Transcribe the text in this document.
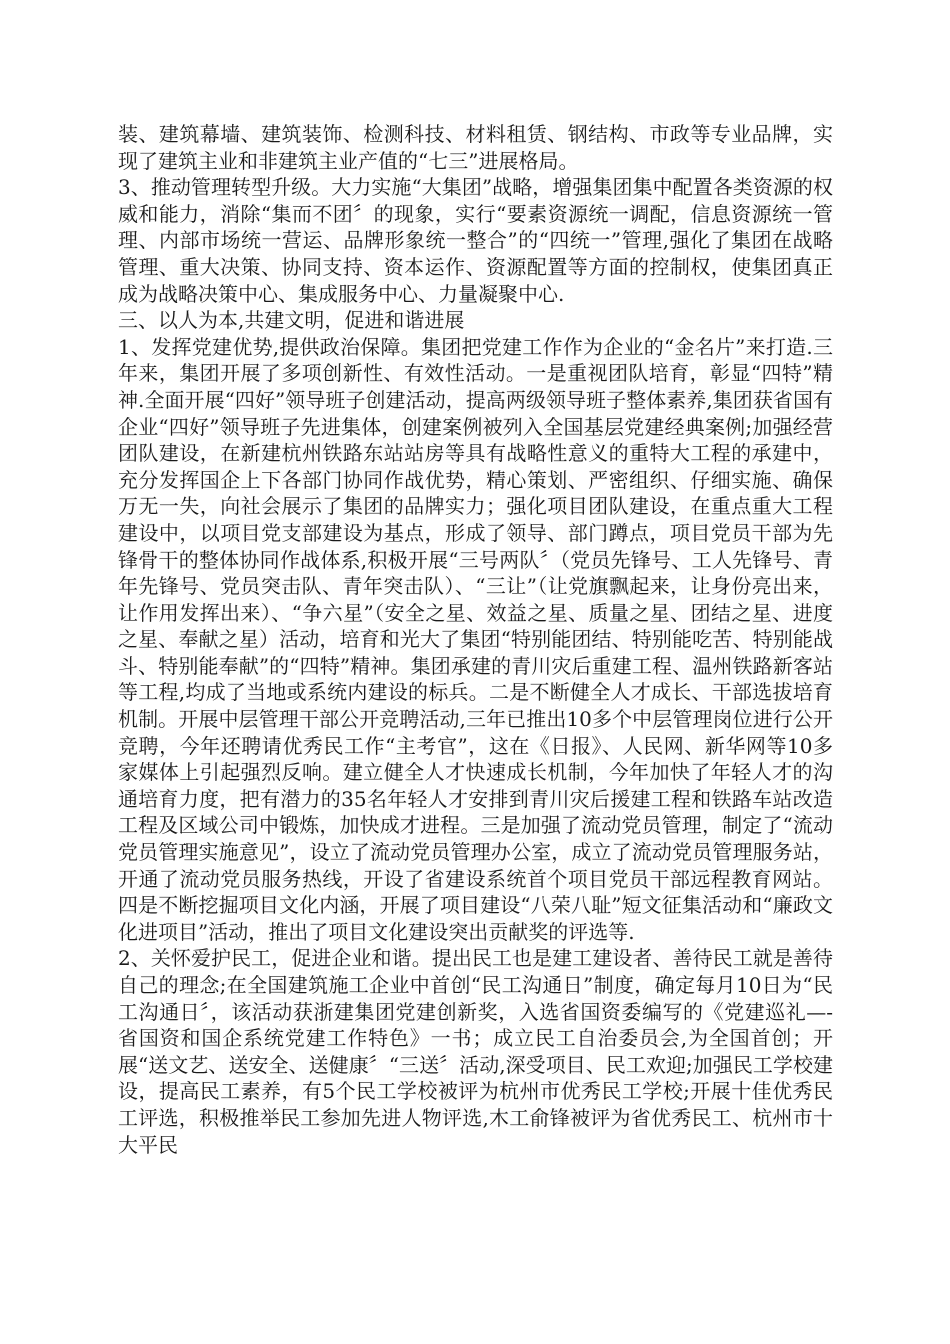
装、建筑幕墙、建筑装饰、检测科技、材料租赁、钢结构、市政等专业品牌，实现了建筑主业和非建筑主业产值的“七三”进展格局。

3、推动管理转型升级。大力实施“大集团”战略，增强集团集中配置各类资源的权威和能力，消除“集而不团〞的现象，实行“要素资源统一调配，信息资源统一管理、内部市场统一营运、品牌形象统一整合”的“四统一”管理,强化了集团在战略管理、重大决策、协同支持、资本运作、资源配置等方面的控制权，使集团真正成为战略决策中心、集成服务中心、力量凝聚中心.

三、以人为本,共建文明，促进和谐进展

1、发挥党建优势,提供政治保障。集团把党建工作作为企业的“金名片”来打造.三年来，集团开展了多项创新性、有效性活动。一是重视团队培育，彰显“四特”精神.全面开展“四好”领导班子创建活动，提高两级领导班子整体素养,集团获省国有企业“四好”领导班子先进集体，创建案例被列入全国基层党建经典案例;加强经营团队建设，在新建杭州铁路东站站房等具有战略性意义的重特大工程的承建中，充分发挥国企上下各部门协同作战优势，精心策划、严密组织、仔细实施、确保万无一失，向社会展示了集团的品牌实力；强化项目团队建设，在重点重大工程建设中，以项目党支部建设为基点，形成了领导、部门蹲点，项目党员干部为先锋骨干的整体协同作战体系,积极开展“三号两队〞（党员先锋号、工人先锋号、青年先锋号、党员突击队、青年突击队）、“三让”（让党旗飘起来，让身份亮出来，让作用发挥出来）、“争六星”（安全之星、效益之星、质量之星、团结之星、进度之星、奉献之星）活动，培育和光大了集团“特别能团结、特别能吃苦、特别能战斗、特别能奉献”的“四特”精神。集团承建的青川灾后重建工程、温州铁路新客站等工程,均成了当地或系统内建设的标兵。二是不断健全人才成长、干部选拔培育机制。开展中层管理干部公开竞聘活动,三年已推出10多个中层管理岗位进行公开竞聘，今年还聘请优秀民工作“主考官”，这在《日报》、人民网、新华网等10多家媒体上引起强烈反响。建立健全人才快速成长机制，今年加快了年轻人才的沟通培育力度，把有潜力的35名年轻人才安排到青川灾后援建工程和铁路车站改造工程及区域公司中锻炼，加快成才进程。三是加强了流动党员管理，制定了“流动党员管理实施意见”，设立了流动党员管理办公室，成立了流动党员管理服务站，开通了流动党员服务热线，开设了省建设系统首个项目党员干部远程教育网站。四是不断挖掘项目文化内涵，开展了项目建设“八荣八耻”短文征集活动和“廉政文化进项目”活动，推出了项目文化建设突出贡献奖的评选等.

2、关怀爱护民工，促进企业和谐。提出民工也是建工建设者、善待民工就是善待自己的理念;在全国建筑施工企业中首创“民工沟通日”制度，确定每月10日为“民工沟通日〞，该活动获浙建集团党建创新奖，入选省国资委编写的《党建巡礼—-省国资和国企系统党建工作特色》一书；成立民工自治委员会,为全国首创；开展“送文艺、送安全、送健康〞“三送〞活动,深受项目、民工欢迎;加强民工学校建设，提高民工素养，有5个民工学校被评为杭州市优秀民工学校;开展十佳优秀民工评选，积极推举民工参加先进人物评选,木工俞锋被评为省优秀民工、杭州市十大平民
